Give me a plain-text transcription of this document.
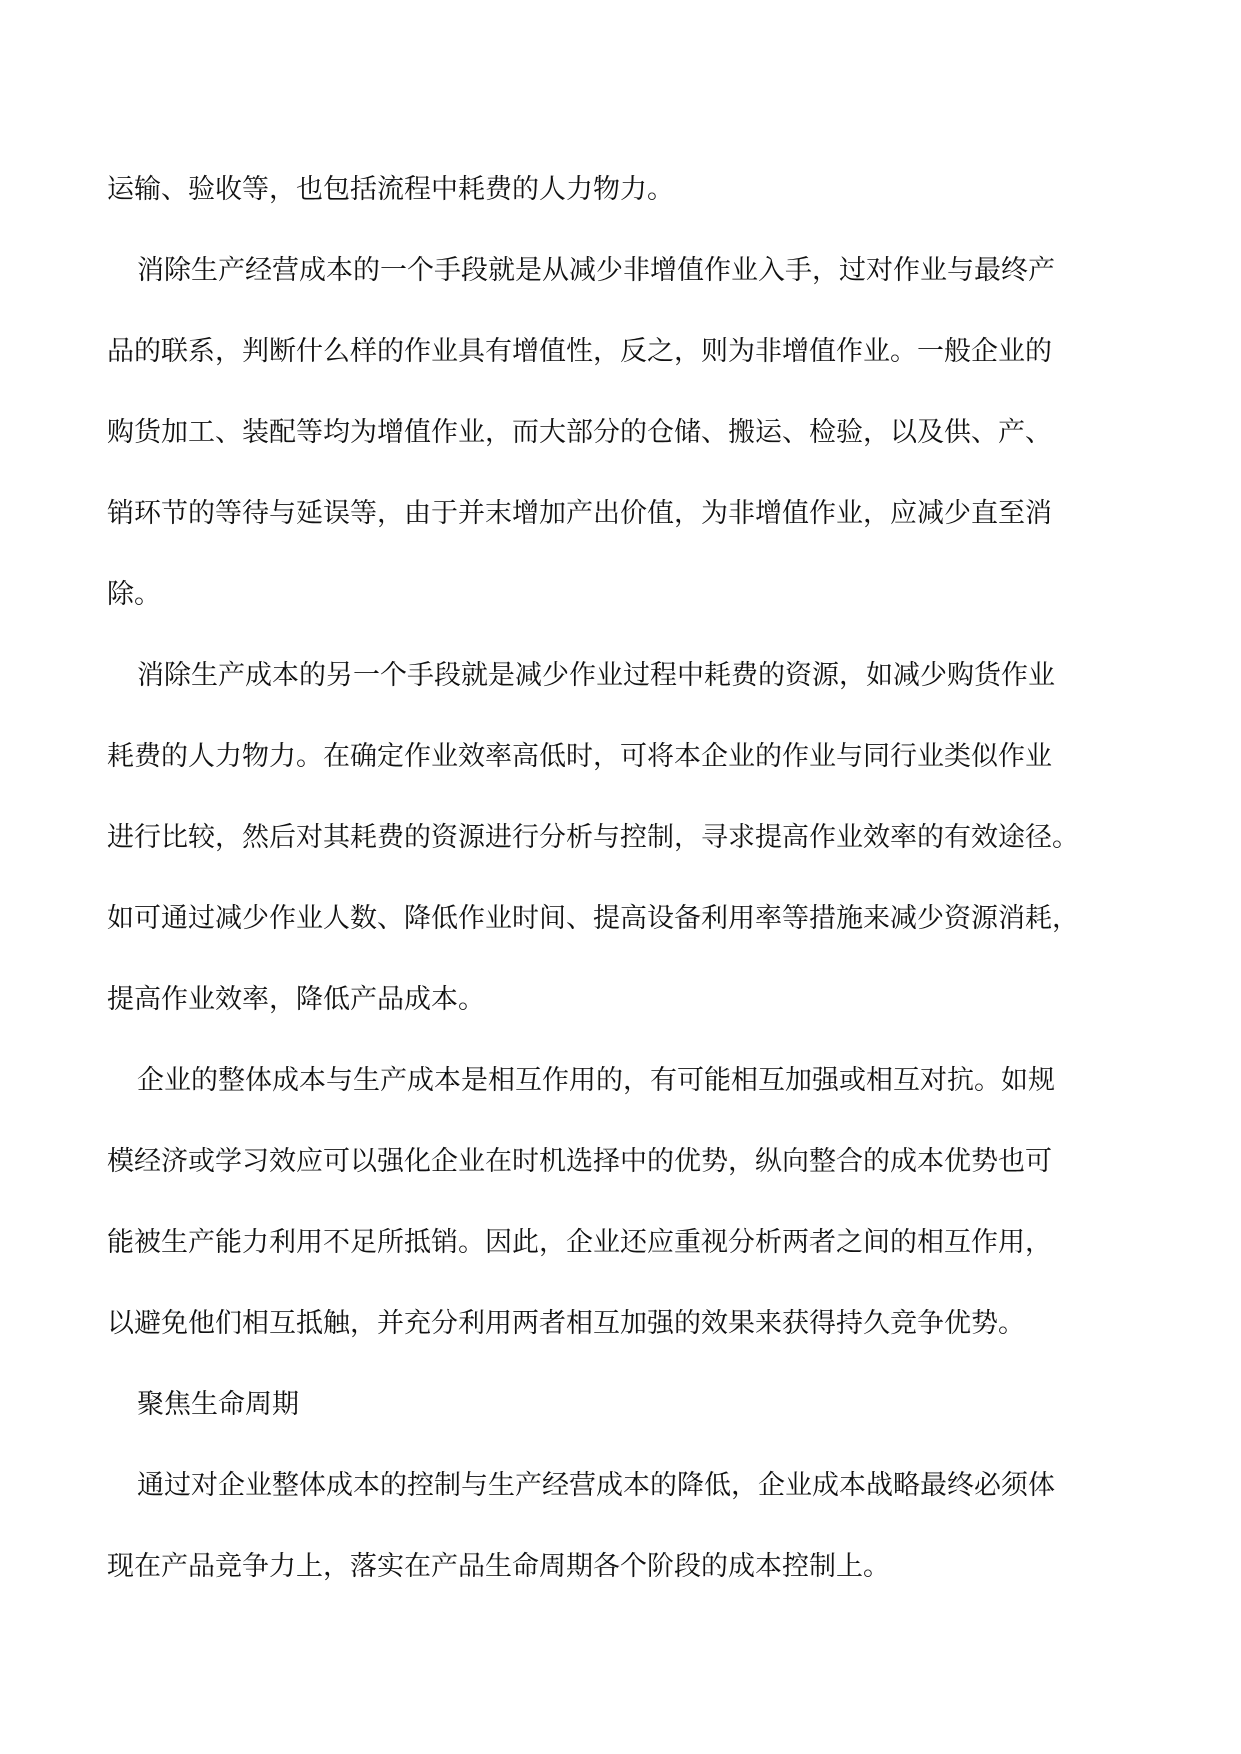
运输、验收等，也包括流程中耗费的人力物力。
消除生产经营成本的一个手段就是从减少非增值作业入手，过对作业与最终产
品的联系，判断什么样的作业具有增值性，反之，则为非增值作业。一般企业的
购货加工、装配等均为增值作业，而大部分的仓储、搬运、检验，以及供、产、
销环节的等待与延误等，由于并末增加产出价值，为非增值作业，应减少直至消
除。
消除生产成本的另一个手段就是减少作业过程中耗费的资源，如减少购货作业
耗费的人力物力。在确定作业效率高低时，可将本企业的作业与同行业类似作业
进行比较，然后对其耗费的资源进行分析与控制，寻求提高作业效率的有效途径。
如可通过减少作业人数、降低作业时间、提高设备利用率等措施来减少资源消耗，
提高作业效率，降低产品成本。
企业的整体成本与生产成本是相互作用的，有可能相互加强或相互对抗。如规
模经济或学习效应可以强化企业在时机选择中的优势，纵向整合的成本优势也可
能被生产能力利用不足所抵销。因此，企业还应重视分析两者之间的相互作用，
以避免他们相互抵触，并充分利用两者相互加强的效果来获得持久竞争优势。
聚焦生命周期
通过对企业整体成本的控制与生产经营成本的降低，企业成本战略最终必须体
现在产品竞争力上，落实在产品生命周期各个阶段的成本控制上。
